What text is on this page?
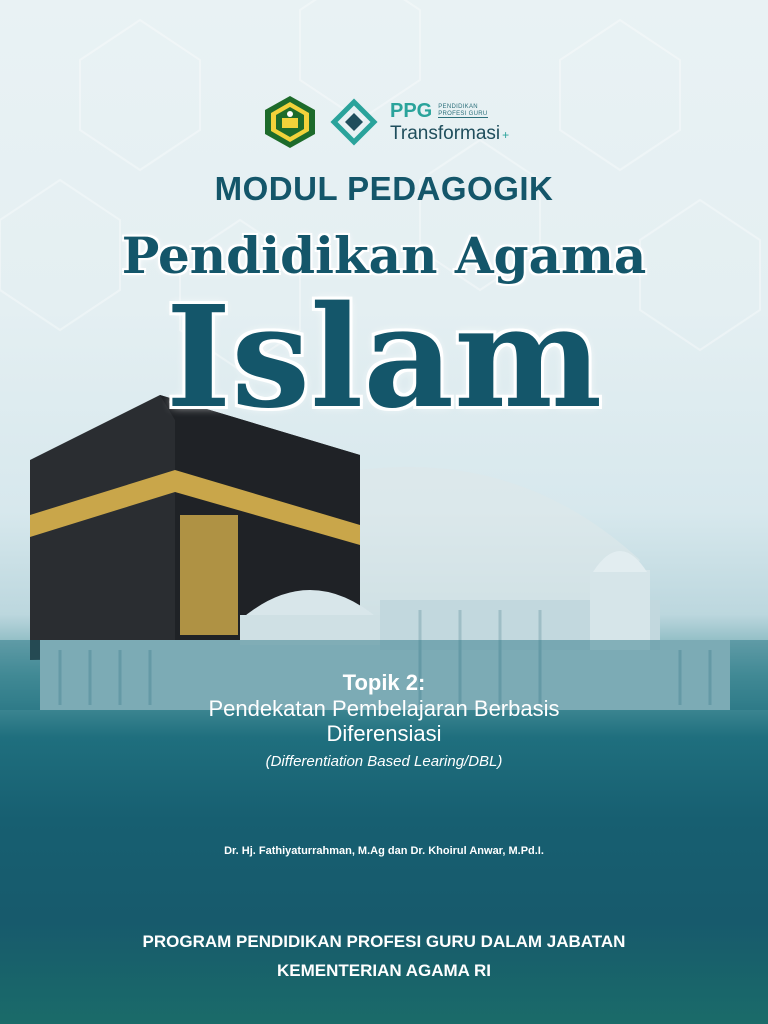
PPG PENDIDIKAN
PROFESI GURU
Transformasi +
MODUL PEDAGOGIK
Pendidikan Agama
Islam
Topik 2:
Pendekatan Pembelajaran Berbasis
Diferensiasi
(Differentiation Based Learing/DBL)
Dr. Hj. Fathiyaturrahman, M.Ag dan Dr. Khoirul Anwar, M.Pd.I.
PROGRAM PENDIDIKAN PROFESI GURU DALAM JABATAN
KEMENTERIAN AGAMA RI
